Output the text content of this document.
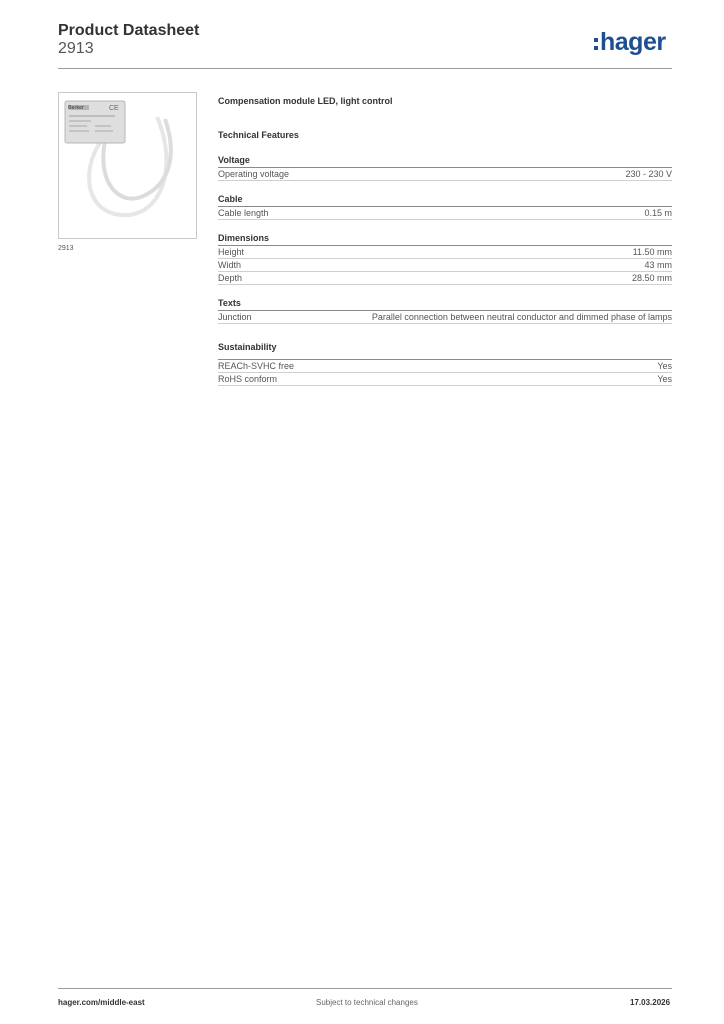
Product Datasheet
2913	hager
Berker	CE
2913
Compensation module LED, light control
Technical Features
Voltage
Operating voltage	230 - 230 V
Cable
Cable length	0.15 m
Dimensions
Height	11.50 mm
Width	43 mm
Depth	28.50 mm
Texts
Junction	Parallel connection between neutral conductor and dimmed phase of lamps
Sustainability
REACh-SVHC free	Yes
RoHS conform	Yes
hager.com/middle-east	Subject to technical changes	17.03.2026
